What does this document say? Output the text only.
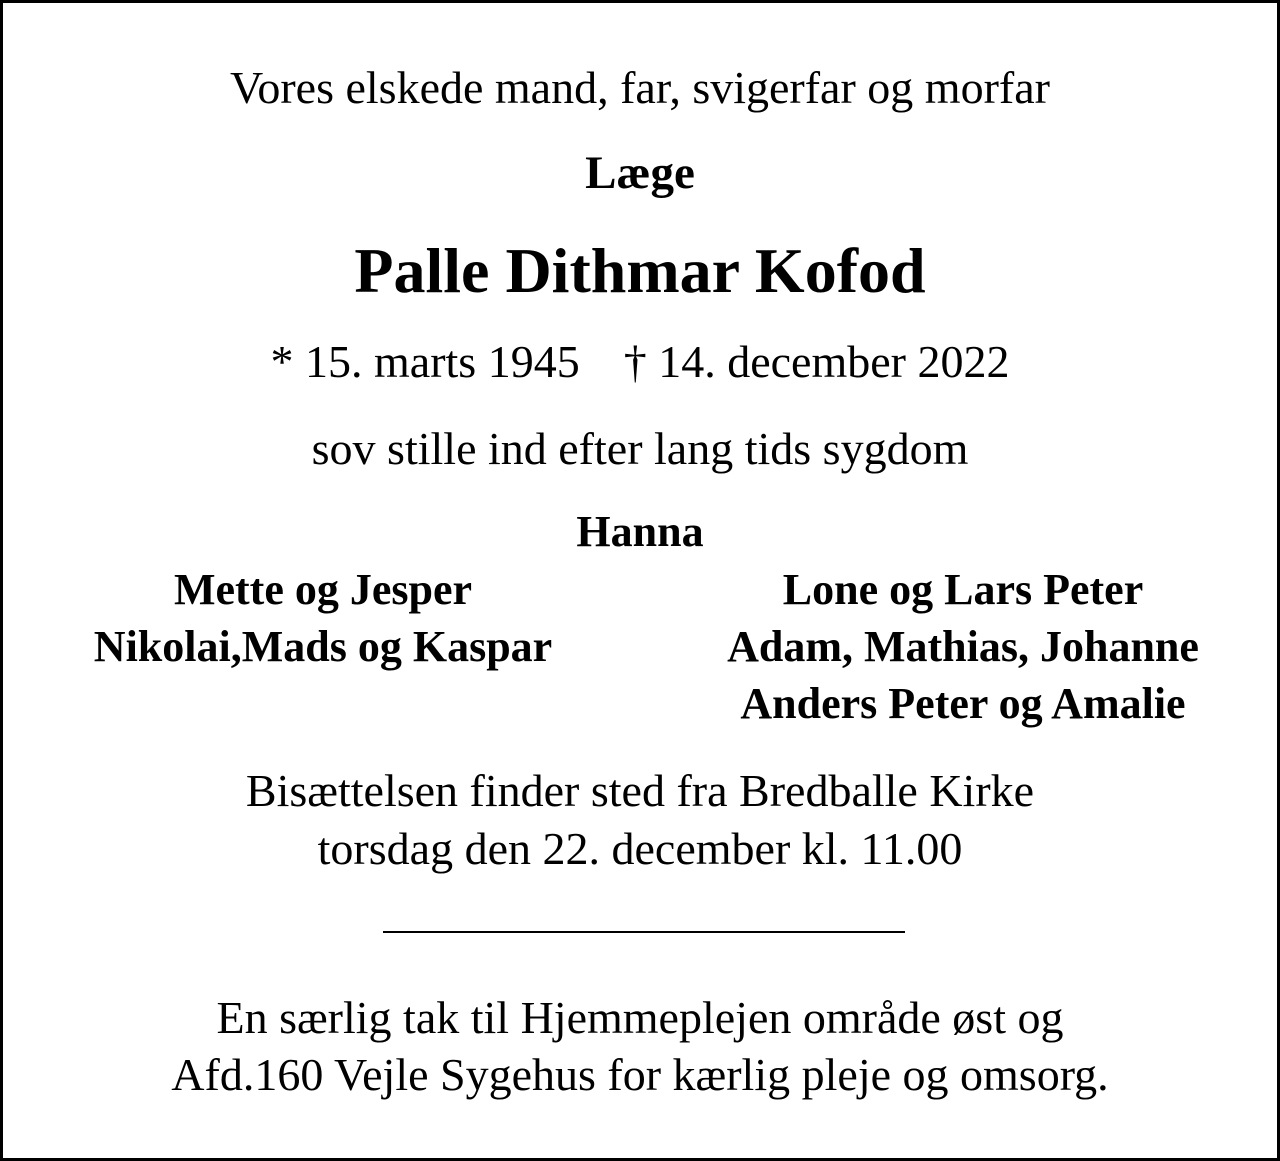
Vores elskede mand, far, svigerfar og morfar
Læge
Palle Dithmar Kofod
* 15. marts 1945 † 14. december 2022
sov stille ind efter lang tids sygdom
Hanna
Mette og Jesper
Nikolai,Mads og Kaspar
Lone og Lars Peter
Adam, Mathias, Johanne
Anders Peter og Amalie
Bisættelsen finder sted fra Bredballe Kirke
torsdag den 22. december kl. 11.00
En særlig tak til Hjemmeplejen område øst og
Afd.160 Vejle Sygehus for kærlig pleje og omsorg.
